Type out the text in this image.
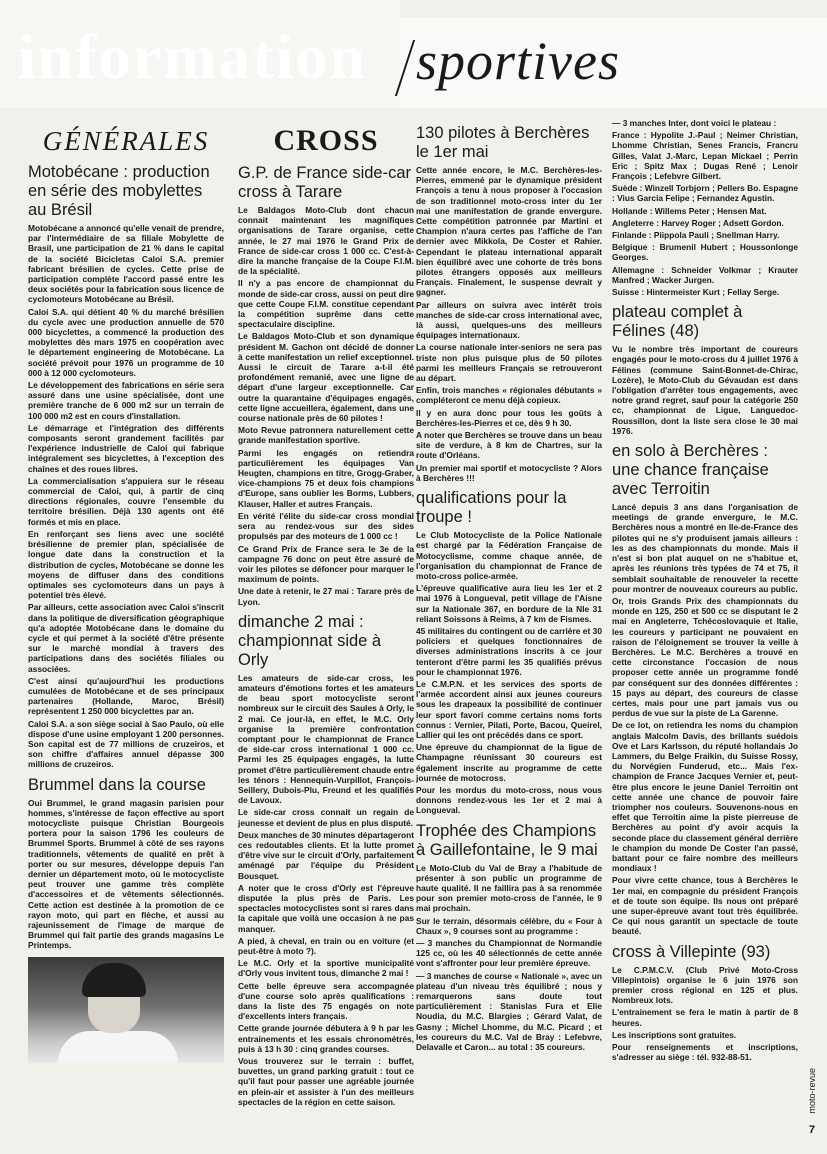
information sportives
GÉNÉRALES
Motobécane : production en série des mobylettes au Brésil

Motobécane a annoncé qu'elle venait de prendre, par l'intermédiaire de sa filiale Mobylette de Brasil, une participation de 21 % dans le capital de la société Bicicletas Caloi S.A. premier fabricant brésilien de cycles. Cette prise de participation complète l'accord passé entre les deux sociétés pour la fabrication sous licence de cyclomoteurs Motobécane au Brésil.

Caloi S.A. qui détient 40 % du marché brésilien du cycle avec une production annuelle de 570 000 bicyclettes, a commencé la production des mobylettes dès mars 1975 en coopération avec le département engineering de Motobécane. La société prévoit pour 1976 un programme de 10 000 à 12 000 cyclomoteurs.

Le développement des fabrications en série sera assuré dans une usine spécialisée, dont une première tranche de 6 000 m2 sur un terrain de 100 000 m2 est en cours d'installation.

Le démarrage et l'intégration des différents composants seront grandement facilités par l'expérience industrielle de Caloi qui fabrique intégralement ses bicyclettes, à l'exception des chaînes et des roues libres.

La commercialisation s'appuiera sur le réseau commercial de Caloi, qui, à partir de cinq directions régionales, couvre l'ensemble du territoire brésilien. Déjà 130 agents ont été formés et mis en place.

En renforçant ses liens avec une société brésilienne de premier plan, spécialisée de longue date dans la construction et la distribution de cycles, Motobécane se donne les moyens de diffuser dans des conditions optimales ses cyclomoteurs dans un pays à potentiel très élevé.

Par ailleurs, cette association avec Caloi s'inscrit dans la politique de diversification géographique qu'a adoptée Motobécane dans le domaine du cycle et qui permet à la société d'être présente sur le marché mondial à travers des participations dans des sociétés filiales ou associées.

C'est ainsi qu'aujourd'hui les productions cumulées de Motobécane et de ses principaux partenaires (Hollande, Maroc, Brésil) représentent 1 250 000 bicyclettes par an.

Caloi S.A. a son siège social à Sao Paulo, où elle dispose d'une usine employant 1 200 personnes. Son capital est de 77 millions de cruzeiros, et son chiffre d'affaires annuel dépasse 300 millions de cruzeiros.

Brummel dans la course

Oui Brummel, le grand magasin parisien pour hommes, s'intéresse de façon effective au sport motocycliste puisque Christian Bourgeois portera pour la saison 1796 les couleurs de Brummel Sports. Brummel à côté de ses rayons traditionnels, vêtements de qualité en prêt à porter ou sur mesures, développe depuis l'an dernier un département moto, où le motocycliste peut trouver une gamme très complète d'accessoires et de vêtements sélectionnés. Cette action est destinée à la promotion de ce rayon moto, qui part en flèche, et aussi au rajeunissement de l'image de marque de Brummel qui fait partie des grands magasins Le Printemps.

CROSS
G.P. de France side-car cross à Tarare

Le Baldagos Moto-Club dont chacun connait maintenant les magnifiques organisations de Tarare organise, cette année, le 27 mai 1976 le Grand Prix de France de side-car cross 1 000 cc. C'est-à-dire la manche française de la Coupe F.I.M. de la spécialité.

Il n'y a pas encore de championnat du monde de side-car cross, aussi on peut dire que cette Coupe F.I.M. constitue cependant la compétition suprême dans cette spectaculaire discipline.

Le Baldagos Moto-Club et son dynamique président M. Gachon ont décidé de donner à cette manifestation un relief exceptionnel. Aussi le circuit de Tarare a-t-il été profondément remanié, avec une ligne de départ d'une largeur exceptionnelle. Car outre la quarantaine d'équipages engagés, cette ligne accueillera, également, dans une course nationale près de 60 pilotes !

Moto Revue patronnera naturellement cette grande manifestation sportive.

Parmi les engagés on retiendra particulièrement les équipages Van Heugten, champions en titre, Grogg-Graber, vice-champions 75 et deux fois champions d'Europe, sans oublier les Borms, Lubbers, Klauser, Haller et autres Français.

En vérité l'élite du side-car cross mondial sera au rendez-vous sur des sides propulsés par des moteurs de 1 000 cc !

Ce Grand Prix de France sera le 3e de la campagne 76 donc on peut être assuré de voir les pilotes se défoncer pour marquer le maximum de points.

Une date à retenir, le 27 mai : Tarare près de Lyon.

dimanche 2 mai : championnat side à Orly

Les amateurs de side-car cross, les amateurs d'émotions fortes et les amateurs de beau sport motocycliste seront nombreux sur le circuit des Saules à Orly, le 2 mai. Ce jour-là, en effet, le M.C. Orly organise la première confrontation comptant pour le championnat de France de side-car cross international 1 000 cc. Parmi les 25 équipages engagés, la lutte promet d'être particulièrement chaude entre les ténors : Hennequin-Vurpillot, François-Seillery, Dubois-Plu, Freund et les qualifiés de Lavoux.

Le side-car cross connait un regain de jeunesse et devient de plus en plus disputé.

Deux manches de 30 minutes départageront ces redoutables clients. Et la lutte promet d'être vive sur le circuit d'Orly, parfaitement aménagé par l'équipe du Président Bousquet.

A noter que le cross d'Orly est l'épreuve disputée la plus près de Paris. Les spectacles motocyclistes sont si rares dans la capitale que voilà une occasion à ne pas manquer.

A pied, à cheval, en train ou en voiture (et peut-être à moto ?).

Le M.C. Orly et la sportive municipalité d'Orly vous invitent tous, dimanche 2 mai !

Cette belle épreuve sera accompagnée d'une course solo après qualifications : dans la liste des 75 engagés on note d'excellents inters français.

Cette grande journée débutera à 9 h par les entrainements et les essais chronométrés, puis à 13 h 30 : cinq grandes courses.

Vous trouverez sur le terrain : buffet, buvettes, un grand parking gratuit : tout ce qu'il faut pour passer une agréable journée en plein-air et assister à l'un des meilleurs spectacles de la région en cette saison.

130 pilotes à Berchères le 1er mai

Cette année encore, le M.C. Berchères-les-Pierres, emmené par le dynamique président François a tenu à nous proposer à l'occasion de son traditionnel moto-cross inter du 1er mai une manifestation de grande envergure. Cette compétition patronnée par Martini et Champion n'aura certes pas l'affiche de l'an dernier avec Mikkola, De Coster et Rahier. Cependant le plateau international apparaît bien équilibré avec une cohorte de très bons pilotes étrangers opposés aux meilleurs Français. Finalement, le suspense devrait y gagner.

Par ailleurs on suivra avec intérêt trois manches de side-car cross international avec, là aussi, quelques-uns des meilleurs équipages internationaux.

La course nationale inter-seniors ne sera pas triste non plus puisque plus de 50 pilotes parmi les meilleurs Français se retrouveront au départ.

Enfin, trois manches « régionales débutants » compléteront ce menu déjà copieux.

Il y en aura donc pour tous les goûts à Berchères-les-Pierres et ce, dès 9 h 30.

A noter que Berchères se trouve dans un beau site de verdure, à 8 km de Chartres, sur la route d'Orléans.

Un premier mai sportif et motocycliste ? Alors à Berchères !!!

qualifications pour la troupe !

Le Club Motocycliste de la Police Nationale est chargé par la Fédération Française de Motocyclisme, comme chaque année, de l'organisation du championnat de France de moto-cross police-armée.

L'épreuve qualificative aura lieu les 1er et 2 mai 1976 à Longueval, petit village de l'Aisne sur la Nationale 367, en bordure de la Nle 31 reliant Soissons à Reims, à 7 km de Fismes.

45 militaires du contingent ou de carrière et 30 policiers et quelques fonctionnaires de diverses administrations inscrits à ce jour tenteront d'être parmi les 35 qualifiés prévus pour le championnat 1976.

Le C.M.P.N. et les services des sports de l'armée accordent ainsi aux jeunes coureurs sous les drapeaux la possibilité de continuer leur sport favori comme certains noms forts connus : Vernier, Pilati, Porte, Bacou, Queirel, Lallier qui les ont précédés dans ce sport.

Une épreuve du championnat de la ligue de Champagne réunissant 30 coureurs est également inscrite au programme de cette journée de motocross.

Pour les mordus du moto-cross, nous vous donnons rendez-vous les 1er et 2 mai à Longueval.

Trophée des Champions à Gaillefontaine, le 9 mai

Le Moto-Club du Val de Bray a l'habitude de présenter à son public un programme de haute qualité. Il ne faillira pas à sa renommée pour son premier moto-cross de l'année, le 9 mai prochain.

Sur le terrain, désormais célèbre, du « Four à Chaux », 9 courses sont au programme :

— 3 manches du Championnat de Normandie 125 cc, où les 40 sélectionnés de cette année vont s'affronter pour leur première épreuve.

— 3 manches de course « Nationale », avec un plateau d'un niveau très équilibré ; nous y remarquerons sans doute tout particulièrement : Stanislas Fura et Elie Noudia, du M.C. Blargies ; Gérard Valat, de Gasny ; Michel Lhomme, du M.C. Picard ; et les coureurs du M.C. Val de Bray : Lefebvre, Delavalle et Caron... au total : 35 coureurs.

— 3 manches Inter, dont voici le plateau :

France : Hypolite J.-Paul ; Neimer Christian, Lhomme Christian, Senes Francis, Francru Gilles, Valat J.-Marc, Lepan Mickael ; Perrin Eric ; Spitz Max ; Dugas René ; Lenoir François ; Lefebvre Gilbert.

Suède : Winzell Torbjorn ; Pellers Bo. Espagne : Vius Garcia Felipe ; Fernandez Agustin.

Hollande : Willems Peter ; Hensen Mat.

Angleterre : Harvey Roger ; Adsett Gordon.

Finlande : Piippola Pauli ; Snellman Harry.

Belgique : Brumenil Hubert ; Houssonlonge Georges.

Allemagne : Schneider Volkmar ; Krauter Manfred ; Wacker Jurgen.

Suisse : Hintermeister Kurt ; Fellay Serge.

plateau complet à Félines (48)

Vu le nombre très important de coureurs engagés pour le moto-cross du 4 juillet 1976 à Félines (commune Saint-Bonnet-de-Chirac, Lozère), le Moto-Club du Gévaudan est dans l'obligation d'arrêter tous engagements, avec notre grand regret, sauf pour la catégorie 250 cc, championnat de Ligue, Languedoc-Roussillon, dont la liste sera close le 30 mai 1976.

en solo à Berchères : une chance française avec Terroitin

Lancé depuis 3 ans dans l'organisation de meetings de grande envergure, le M.C. Berchères nous a montré en Ile-de-France des pilotes qui ne s'y produisent jamais ailleurs : les as des championnats du monde. Mais il n'est si bon plat auquel on ne s'habitue et, après les réunions très typées de 74 et 75, il semblait souhaitable de renouveler la recette pour montrer de nouveaux coureurs au public.

Or, trois Grands Prix des championnats du monde en 125, 250 et 500 cc se disputant le 2 mai en Angleterre, Tchécoslovaquie et Italie, les coureurs y participant ne pouvaient en raison de l'éloignement se trouver la veille à Berchères. Le M.C. Berchères a trouvé en cette circonstance l'occasion de nous proposer cette année un programme fondé par conséquent sur des données différentes : 15 pays au départ, des coureurs de classe certes, mais pour une part jamais vus ou perdus de vue sur la piste de La Garenne.

De ce lot, on retiendra les noms du champion anglais Malcolm Davis, des brillants suédois Ove et Lars Karlsson, du réputé hollandais Jo Lammers, du Belge Fraikin, du Suisse Rossy, du Norvégien Funderud, etc... Mais l'ex-champion de France Jacques Vernier et, peut-être plus encore le jeune Daniel Terroitin ont cette année une chance de pouvoir faire triompher nos couleurs. Souvenons-nous en effet que Terroitin aime la piste pierreuse de Berchères au point d'y avoir acquis la seconde place du classement général derrière le champion du monde De Coster l'an passé, battant pour ce faire nombre des meilleurs mondiaux !

Pour vivre cette chance, tous à Berchères le 1er mai, en compagnie du président François et de toute son équipe. Ils nous ont préparé une super-épreuve avant tout très équilibrée. Ce qui nous garantit un spectacle de toute beauté.

cross à Villepinte (93)

Le C.P.M.C.V. (Club Privé Moto-Cross Villepintois) organise le 6 juin 1976 son premier cross régional en 125 et plus. Nombreux lots.

L'entrainement se fera le matin à partir de 8 heures.

Les inscriptions sont gratuites.

Pour renseignements et inscriptions, s'adresser au siège : tél. 932-88-51.

moto-revue
7
